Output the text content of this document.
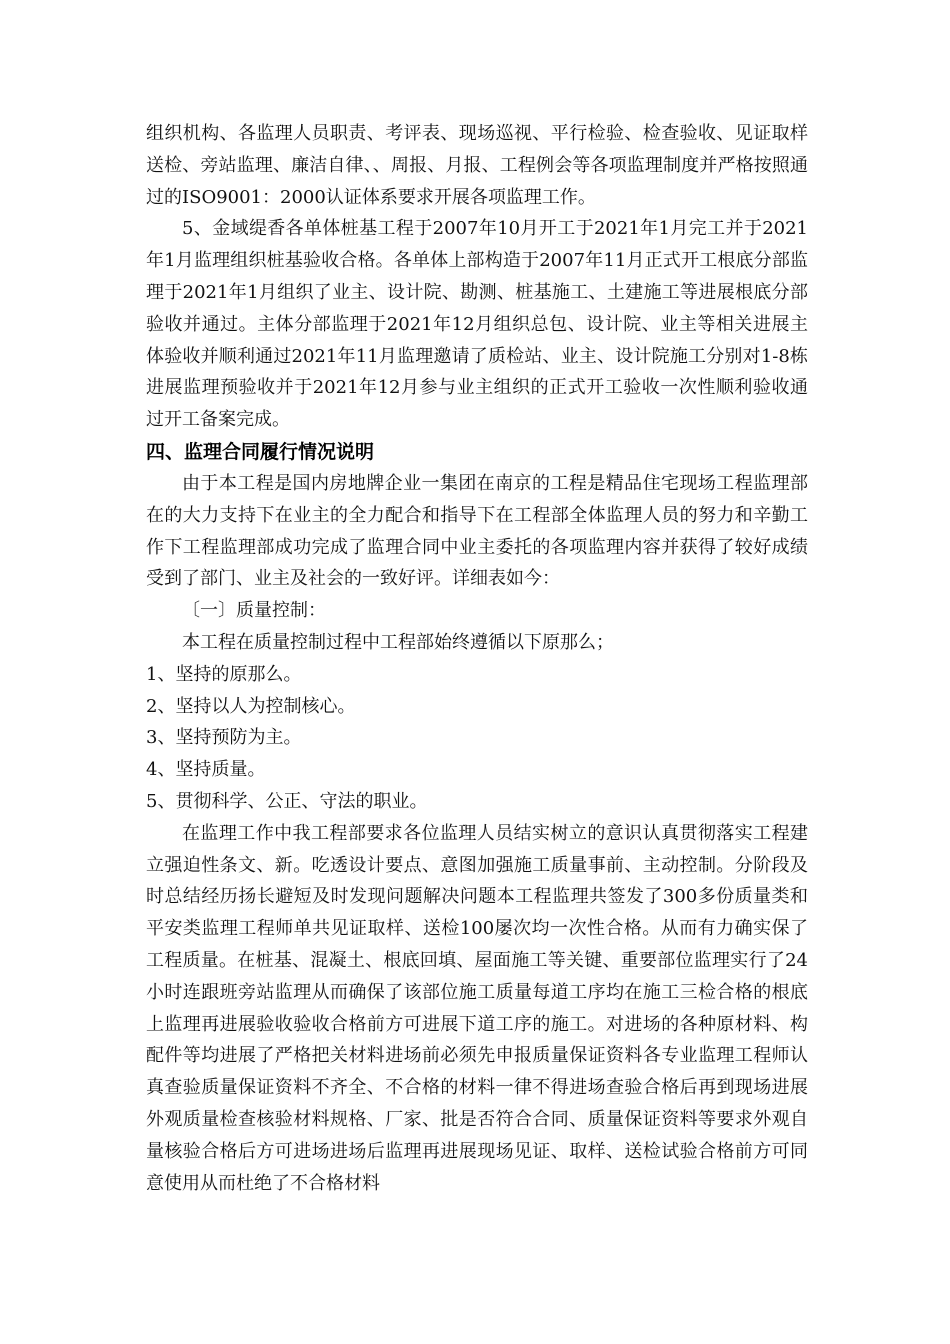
组织机构、各监理人员职责、考评表、现场巡视、平行检验、检查验收、见证取样送检、旁站监理、廉洁自律、、周报、月报、工程例会等各项监理制度并严格按照通过的ISO9001：2000认证体系要求开展各项监理工作。

5、金域缇香各单体桩基工程于2007年10月开工于2021年1月完工并于2021年1月监理组织桩基验收合格。各单体上部构造于2007年11月正式开工根底分部监理于2021年1月组织了业主、设计院、勘测、桩基施工、土建施工等进展根底分部验收并通过。主体分部监理于2021年12月组织总包、设计院、业主等相关进展主体验收并顺利通过2021年11月监理邀请了质检站、业主、设计院施工分别对1-8栋进展监理预验收并于2021年12月参与业主组织的正式开工验收一次性顺利验收通过开工备案完成。

四、监理合同履行情况说明

由于本工程是国内房地牌企业一集团在南京的工程是精品住宅现场工程监理部在的大力支持下在业主的全力配合和指导下在工程部全体监理人员的努力和辛勤工作下工程监理部成功完成了监理合同中业主委托的各项监理内容并获得了较好成绩受到了部门、业主及社会的一致好评。详细表如今：

〔一〕质量控制：

本工程在质量控制过程中工程部始终遵循以下原那么；

1、坚持的原那么。

2、坚持以人为控制核心。

3、坚持预防为主。

4、坚持质量。

5、贯彻科学、公正、守法的职业。

在监理工作中我工程部要求各位监理人员结实树立的意识认真贯彻落实工程建立强迫性条文、新。吃透设计要点、意图加强施工质量事前、主动控制。分阶段及时总结经历扬长避短及时发现问题解决问题本工程监理共签发了300多份质量类和平安类监理工程师单共见证取样、送检100屡次均一次性合格。从而有力确实保了工程质量。在桩基、混凝土、根底回填、屋面施工等关键、重要部位监理实行了24小时连跟班旁站监理从而确保了该部位施工质量每道工序均在施工三检合格的根底上监理再进展验收验收合格前方可进展下道工序的施工。对进场的各种原材料、构配件等均进展了严格把关材料进场前必须先申报质量保证资料各专业监理工程师认真查验质量保证资料不齐全、不合格的材料一律不得进场查验合格后再到现场进展外观质量检查核验材料规格、厂家、批是否符合合同、质量保证资料等要求外观自量核验合格后方可进场进场后监理再进展现场见证、取样、送检试验合格前方可同意使用从而杜绝了不合格材料
